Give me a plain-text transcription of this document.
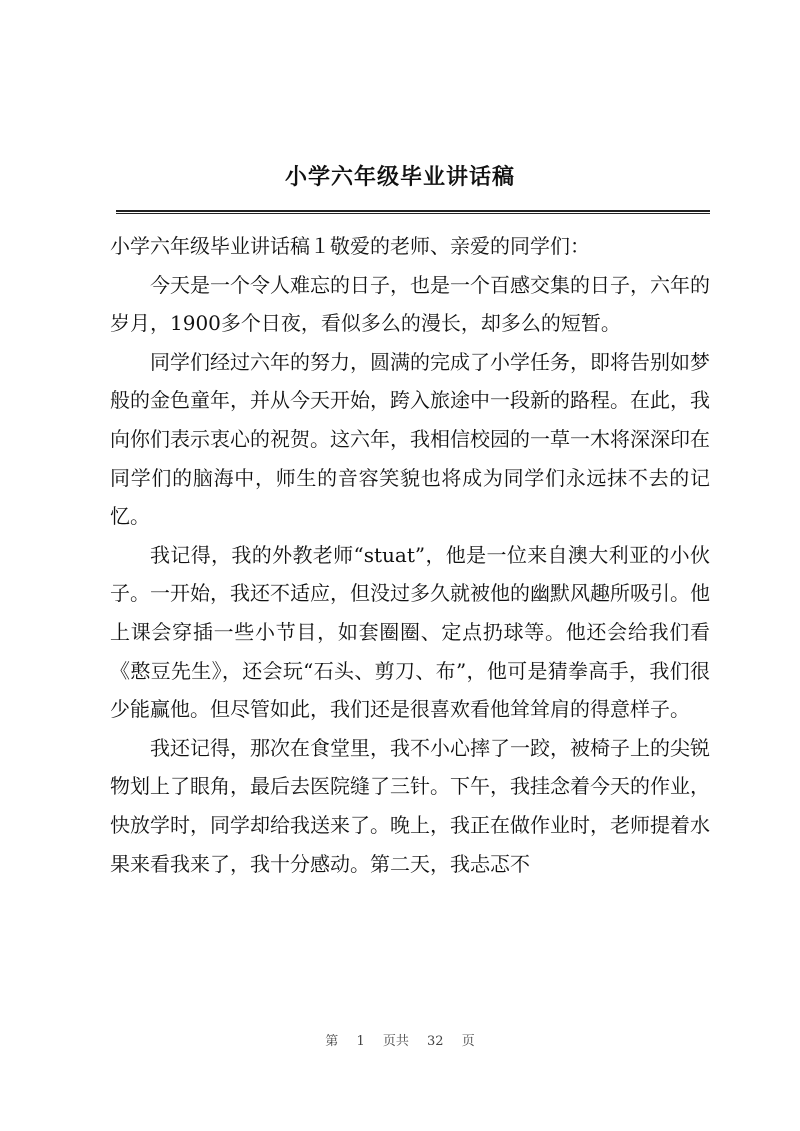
小学六年级毕业讲话稿

小学六年级毕业讲话稿１敬爱的老师、亲爱的同学们：

今天是一个令人难忘的日子，也是一个百感交集的日子，六年的岁月，1900多个日夜，看似多么的漫长，却多么的短暂。

同学们经过六年的努力，圆满的完成了小学任务，即将告别如梦般的金色童年，并从今天开始，跨入旅途中一段新的路程。在此，我向你们表示衷心的祝贺。这六年，我相信校园的一草一木将深深印在同学们的脑海中，师生的音容笑貌也将成为同学们永远抹不去的记忆。

我记得，我的外教老师“stuat”，他是一位来自澳大利亚的小伙子。一开始，我还不适应，但没过多久就被他的幽默风趣所吸引。他上课会穿插一些小节目，如套圈圈、定点扔球等。他还会给我们看《憨豆先生》，还会玩“石头、剪刀、布”，他可是猜拳高手，我们很少能赢他。但尽管如此，我们还是很喜欢看他耸耸肩的得意样子。

我还记得，那次在食堂里，我不小心摔了一跤，被椅子上的尖锐物划上了眼角，最后去医院缝了三针。下午，我挂念着今天的作业，快放学时，同学却给我送来了。晚上，我正在做作业时，老师提着水果来看我来了，我十分感动。第二天，我忐忑不

第 1 页共 32 页
